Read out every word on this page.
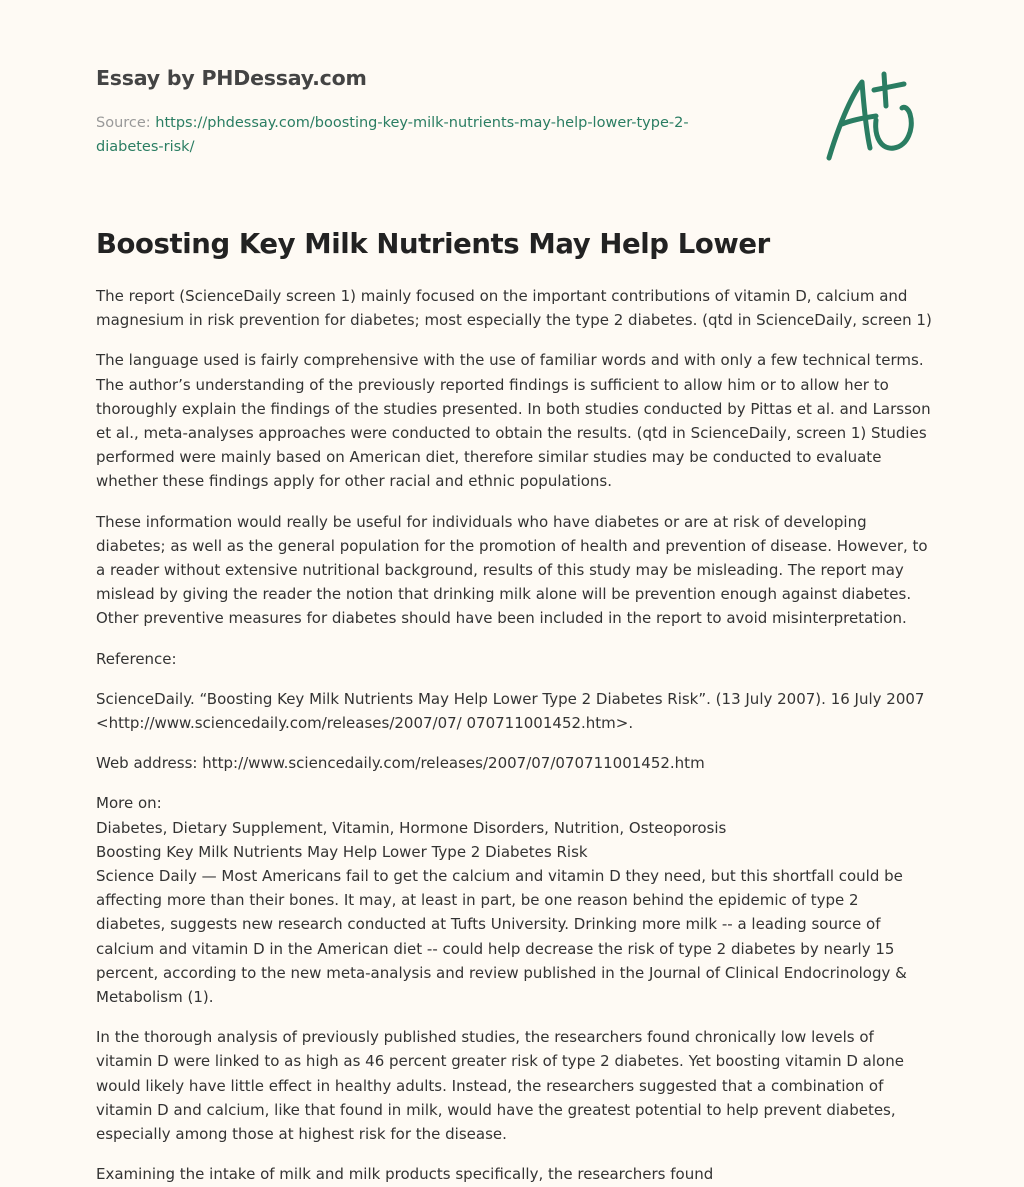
Essay by PHDessay.com
Source: https://phdessay.com/boosting-key-milk-nutrients-may-help-lower-type-2-
diabetes-risk/
Boosting Key Milk Nutrients May Help Lower

The report (ScienceDaily screen 1) mainly focused on the important contributions of vitamin D, calcium and magnesium in risk prevention for diabetes; most especially the type 2 diabetes. (qtd in ScienceDaily, screen 1)

The language used is fairly comprehensive with the use of familiar words and with only a few technical terms. The author’s understanding of the previously reported findings is sufficient to allow him or to allow her to thoroughly explain the findings of the studies presented. In both studies conducted by Pittas et al. and Larsson et al., meta-analyses approaches were conducted to obtain the results. (qtd in ScienceDaily, screen 1) Studies performed were mainly based on American diet, therefore similar studies may be conducted to evaluate whether these findings apply for other racial and ethnic populations.

These information would really be useful for individuals who have diabetes or are at risk of developing diabetes; as well as the general population for the promotion of health and prevention of disease. However, to a reader without extensive nutritional background, results of this study may be misleading. The report may mislead by giving the reader the notion that drinking milk alone will be prevention enough against diabetes. Other preventive measures for diabetes should have been included in the report to avoid misinterpretation.

Reference:

ScienceDaily. “Boosting Key Milk Nutrients May Help Lower Type 2 Diabetes Risk”. (13 July 2007). 16 July 2007 <http://www.sciencedaily.com/releases/2007/07/ 070711001452.htm>.

Web address: http://www.sciencedaily.com/releases/2007/07/070711001452.htm

More on:
Diabetes, Dietary Supplement, Vitamin, Hormone Disorders, Nutrition, Osteoporosis
Boosting Key Milk Nutrients May Help Lower Type 2 Diabetes Risk
Science Daily — Most Americans fail to get the calcium and vitamin D they need, but this shortfall could be affecting more than their bones. It may, at least in part, be one reason behind the epidemic of type 2 diabetes, suggests new research conducted at Tufts University. Drinking more milk -- a leading source of calcium and vitamin D in the American diet -- could help decrease the risk of type 2 diabetes by nearly 15 percent, according to the new meta-analysis and review published in the Journal of Clinical Endocrinology & Metabolism (1).

In the thorough analysis of previously published studies, the researchers found chronically low levels of vitamin D were linked to as high as 46 percent greater risk of type 2 diabetes. Yet boosting vitamin D alone would likely have little effect in healthy adults. Instead, the researchers suggested that a combination of vitamin D and calcium, like that found in milk, would have the greatest potential to help prevent diabetes, especially among those at highest risk for the disease.

Examining the intake of milk and milk products specifically, the researchers found
